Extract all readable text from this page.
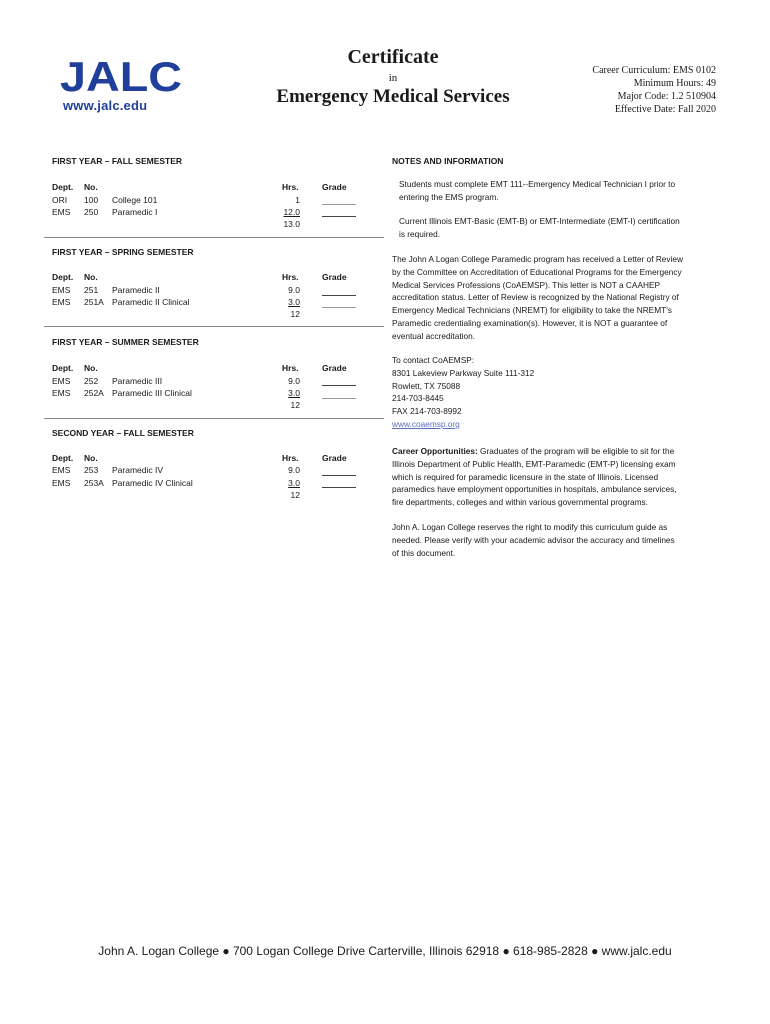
JALC
www.jalc.edu
Certificate
in
Emergency Medical Services
Career Curriculum: EMS 0102
Minimum Hours: 49
Major Code: 1.2 510904
Effective Date: Fall 2020
FIRST YEAR – FALL SEMESTER
Dept. No.	Hrs.	Grade
ORI 100 College 101	1
EMS 250 Paramedic I	12.0
13.0
FIRST YEAR – SPRING SEMESTER
Dept. No.	Hrs.	Grade
EMS 251 Paramedic II	9.0
EMS 251A Paramedic II Clinical	3.0
12
FIRST YEAR – SUMMER SEMESTER
Dept. No.	Hrs.	Grade
EMS 252 Paramedic III	9.0
EMS 252A Paramedic III Clinical	3.0
12
SECOND YEAR – FALL SEMESTER
Dept. No.	Hrs.	Grade
EMS 253 Paramedic IV	9.0
EMS 253A Paramedic IV Clinical	3.0
12
NOTES AND INFORMATION
Students must complete EMT 111--Emergency Medical Technician I prior to
entering the EMS program.
Current Illinois EMT-Basic (EMT-B) or EMT-Intermediate (EMT-I) certification
is required.
The John A Logan College Paramedic program has received a Letter of Review
by the Committee on Accreditation of Educational Programs for the Emergency
Medical Services Professions (CoAEMSP). This letter is NOT a CAAHEP
accreditation status. Letter of Review is recognized by the National Registry of
Emergency Medical Technicians (NREMT) for eligibility to take the NREMT's
Paramedic credentialing examination(s). However, it is NOT a guarantee of
eventual accreditation.
To contact CoAEMSP:
8301 Lakeview Parkway Suite 111-312
Rowlett, TX 75088
214-703-8445
FAX 214-703-8992
www.coaemsp.org
Career Opportunities: Graduates of the program will be eligible to sit for the
Illinois Department of Public Health, EMT-Paramedic (EMT-P) licensing exam
which is required for paramedic licensure in the state of Illinois. Licensed
paramedics have employment opportunities in hospitals, ambulance services,
fire departments, colleges and within various governmental programs.
John A. Logan College reserves the right to modify this curriculum guide as
needed. Please verify with your academic advisor the accuracy and timelines
of this document.
John A. Logan College ● 700 Logan College Drive Carterville, Illinois 62918 ● 618-985-2828 ● www.jalc.edu
